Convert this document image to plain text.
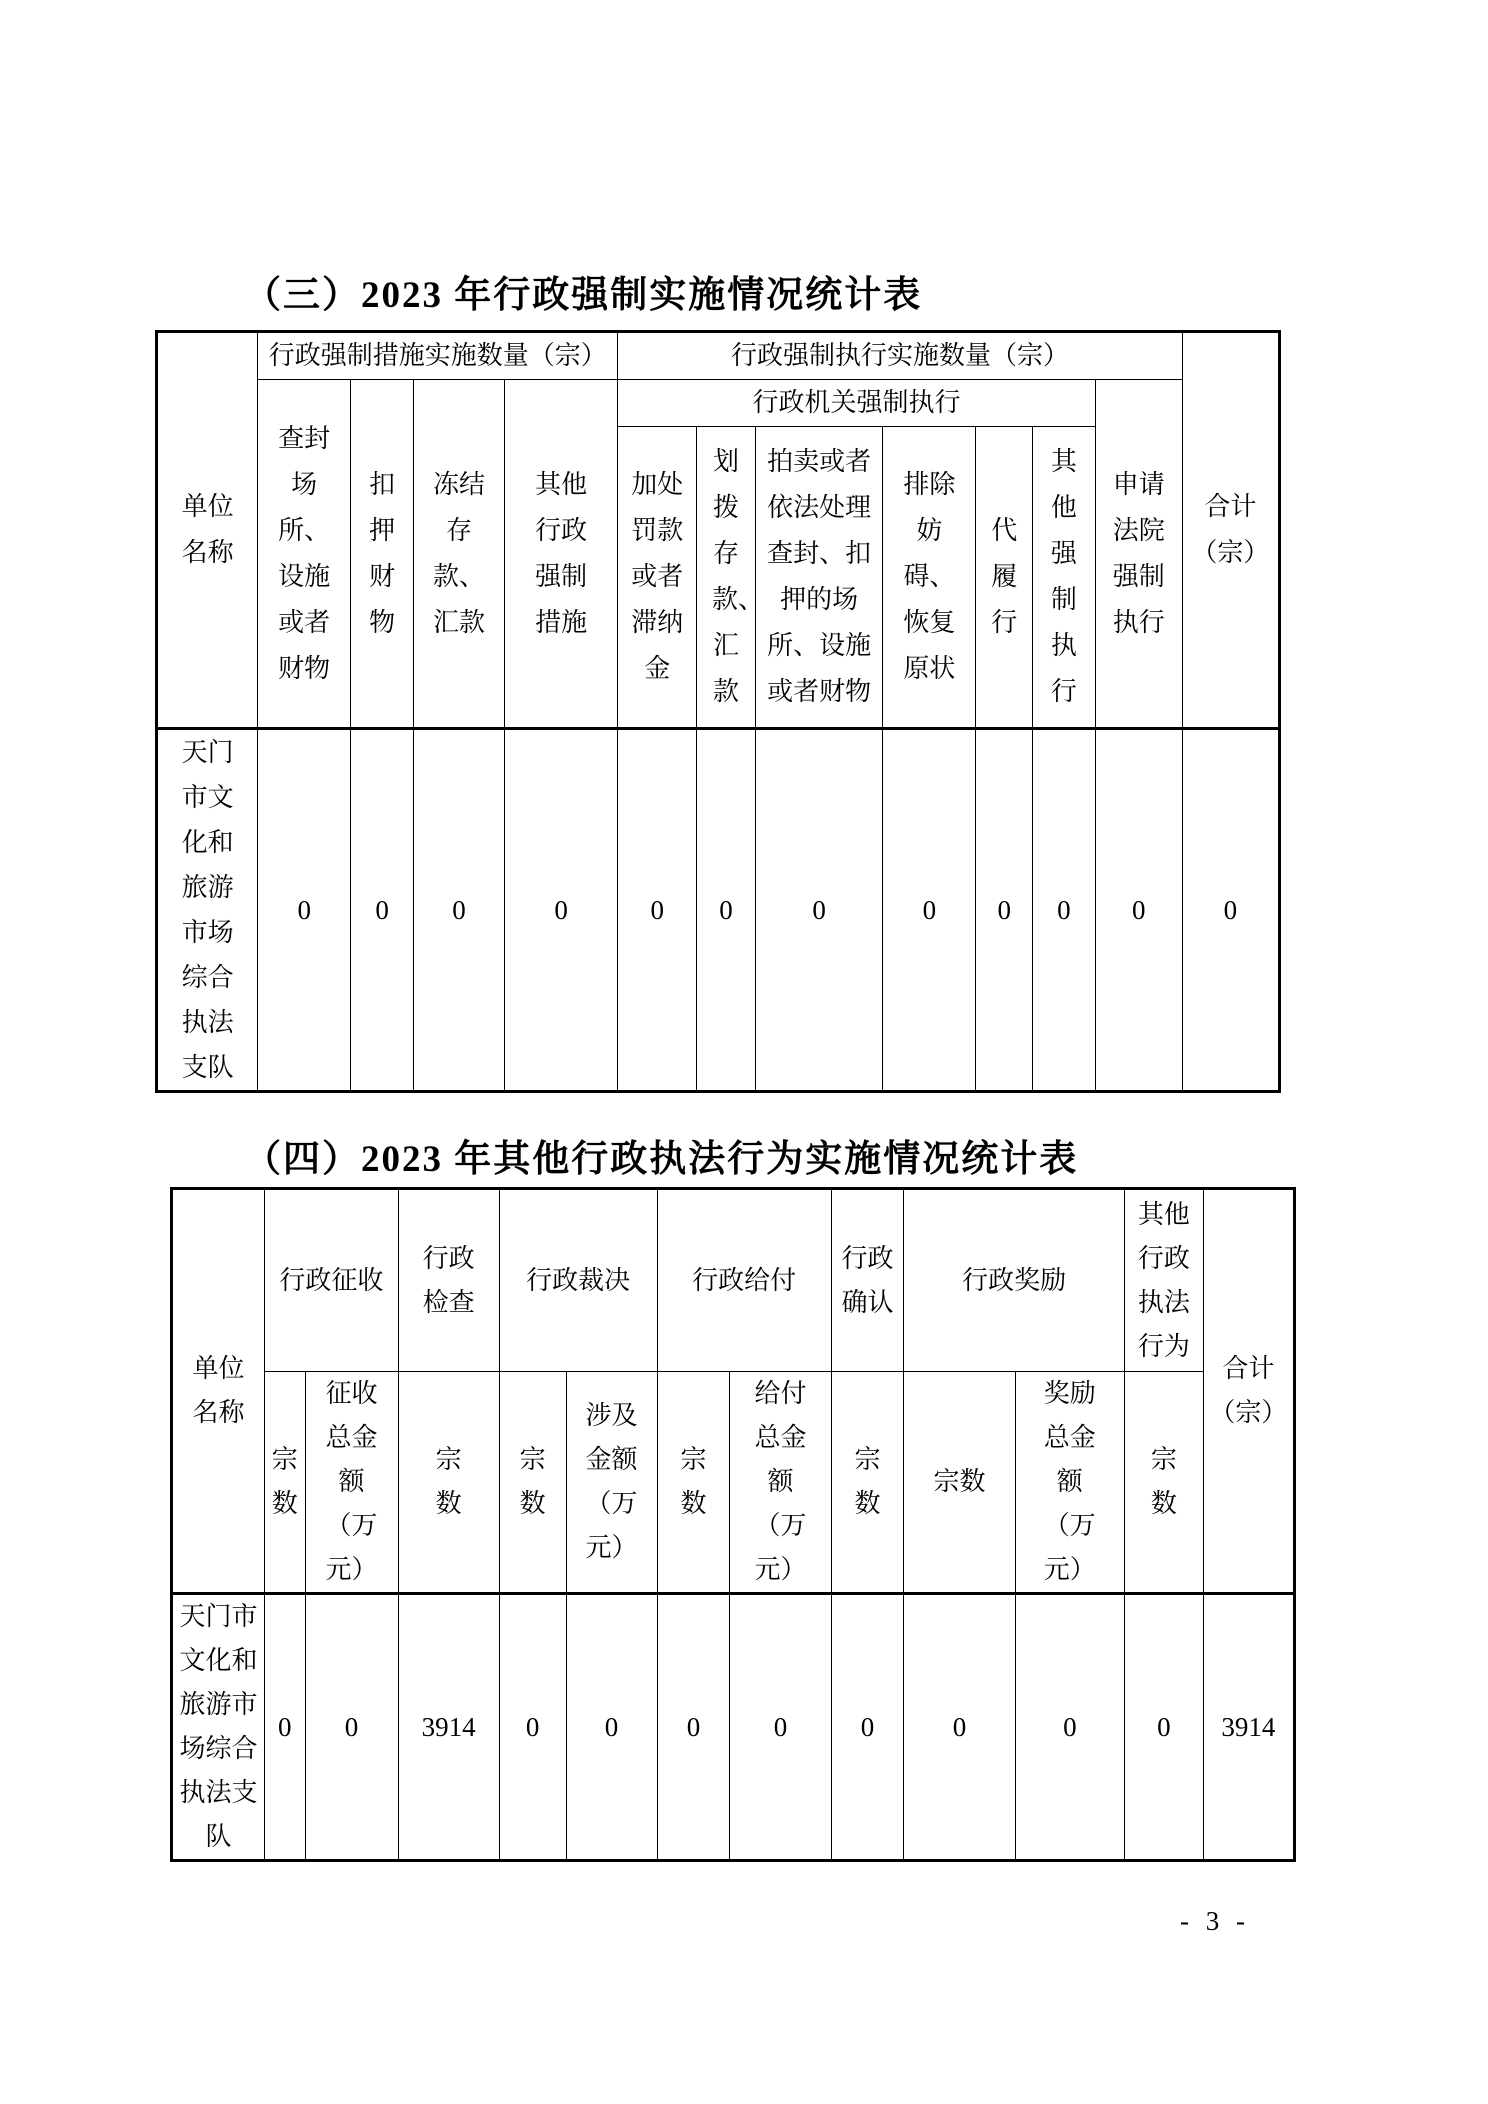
（三）2023 年行政强制实施情况统计表
单位名称	行政强制措施实施数量（宗）				行政强制执行实施数量（宗）							合计（宗）

	查封场所、设施或者财物	扣押财物	冻结存款、汇款	其他行政强制措施	行政机关强制执行						申请法院强制执行	

					加处罚款或者滞纳金	划拨存款、汇款	拍卖或者依法处理查封、扣押的场所、设施或者财物	排除妨碍、恢复原状	代履行	其他强制执行		

天门市文化和旅游市场综合执法支队	0	0	0	0	0	0	0	0	0	0	0	0
（四）2023 年其他行政执法行为实施情况统计表
单位名称	行政征收		行政检查	行政裁决		行政给付		行政确认	行政奖励		其他行政执法行为	合计（宗）

	宗数	征收总金额（万元）	宗数	宗数	涉及金额（万元）	宗数	给付总金额（万元）	宗数	宗数	奖励总金额（万元）	宗数	

天门市文化和旅游市场综合执法支队	0	0	3914	0	0	0	0	0	0	0	0	3914
- 3 -
